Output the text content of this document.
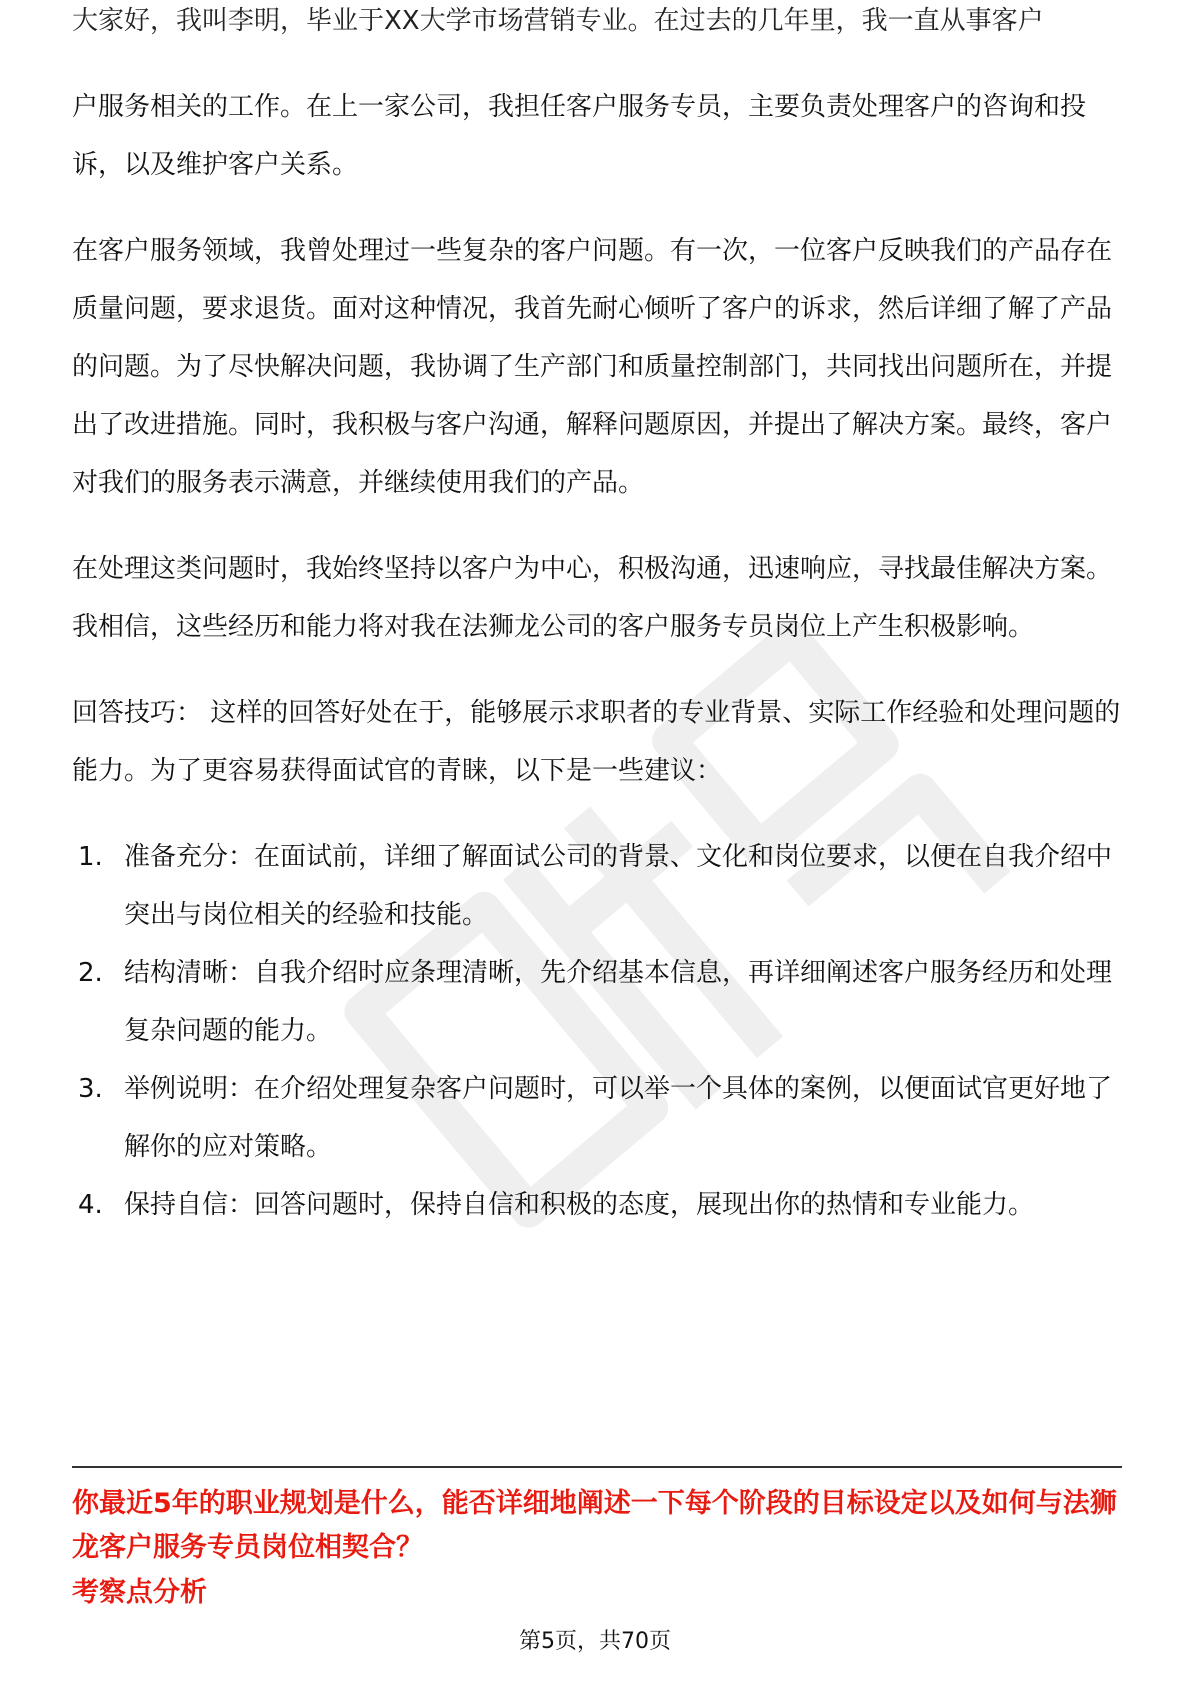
大家好，我叫李明，毕业于XX大学市场营销专业。在过去的几年里，我一直从事客户

户服务相关的工作。在上一家公司，我担任客户服务专员，主要负责处理客户的咨询和投诉，以及维护客户关系。

在客户服务领域，我曾处理过一些复杂的客户问题。有一次，一位客户反映我们的产品存在质量问题，要求退货。面对这种情况，我首先耐心倾听了客户的诉求，然后详细了解了产品的问题。为了尽快解决问题，我协调了生产部门和质量控制部门，共同找出问题所在，并提出了改进措施。同时，我积极与客户沟通，解释问题原因，并提出了解决方案。最终，客户对我们的服务表示满意，并继续使用我们的产品。

在处理这类问题时，我始终坚持以客户为中心，积极沟通，迅速响应，寻找最佳解决方案。我相信，这些经历和能力将对我在法狮龙公司的客户服务专员岗位上产生积极影响。

回答技巧： 这样的回答好处在于，能够展示求职者的专业背景、实际工作经验和处理问题的能力。为了更容易获得面试官的青睐，以下是一些建议：

1. 准备充分：在面试前，详细了解面试公司的背景、文化和岗位要求，以便在自我介绍中突出与岗位相关的经验和技能。
2. 结构清晰：自我介绍时应条理清晰，先介绍基本信息，再详细阐述客户服务经历和处理复杂问题的能力。
3. 举例说明：在介绍处理复杂客户问题时，可以举一个具体的案例，以便面试官更好地了解你的应对策略。
4. 保持自信：回答问题时，保持自信和积极的态度，展现出你的热情和专业能力。
你最近5年的职业规划是什么，能否详细地阐述一下每个阶段的目标设定以及如何与法狮龙客户服务专员岗位相契合？
考察点分析
第5页，共70页
